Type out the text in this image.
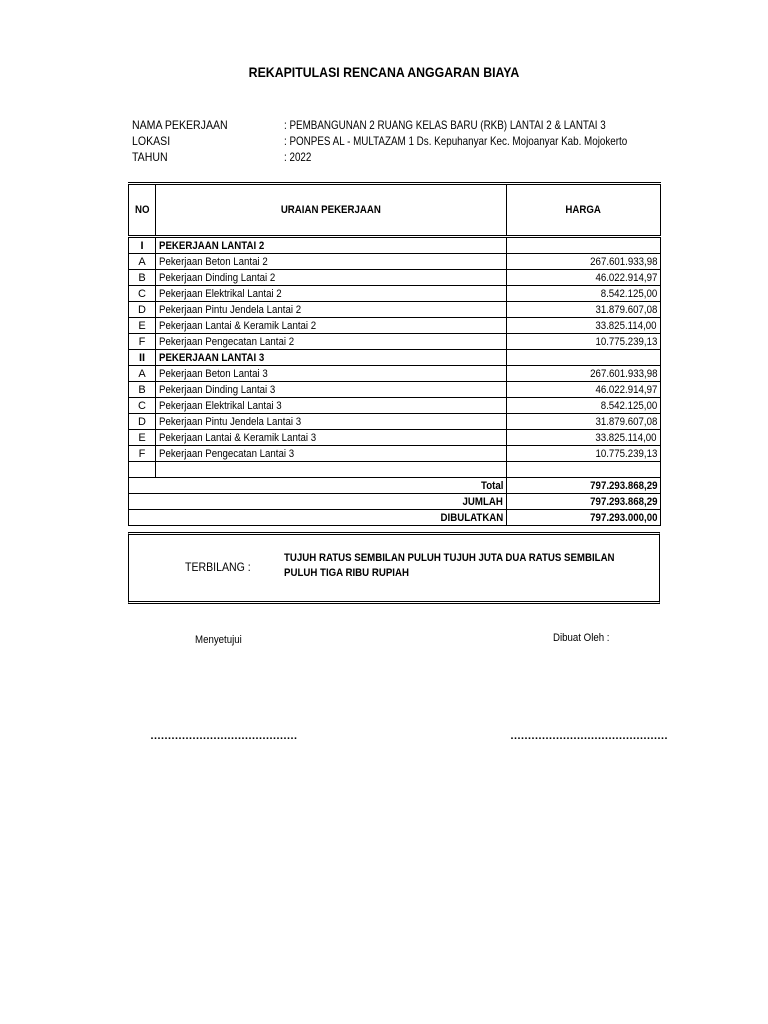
REKAPITULASI RENCANA ANGGARAN BIAYA
NAMA PEKERJAAN	: PEMBANGUNAN 2 RUANG KELAS BARU (RKB) LANTAI 2 & LANTAI 3
LOKASI	: PONPES AL - MULTAZAM 1 Ds. Kepuhanyar Kec. Mojoanyar Kab. Mojokerto
TAHUN	: 2022
NO	URAIAN PEKERJAAN	HARGA
I	PEKERJAAN LANTAI 2	
A	Pekerjaan Beton Lantai 2	267.601.933,98
B	Pekerjaan Dinding Lantai 2	46.022.914,97
C	Pekerjaan Elektrikal Lantai 2	8.542.125,00
D	Pekerjaan Pintu Jendela Lantai 2	31.879.607,08
E	Pekerjaan Lantai & Keramik Lantai 2	33.825.114,00
F	Pekerjaan Pengecatan Lantai 2	10.775.239,13
II	PEKERJAAN LANTAI 3	
A	Pekerjaan Beton Lantai 3	267.601.933,98
B	Pekerjaan Dinding Lantai 3	46.022.914,97
C	Pekerjaan Elektrikal Lantai 3	8.542.125,00
D	Pekerjaan Pintu Jendela Lantai 3	31.879.607,08
E	Pekerjaan Lantai & Keramik Lantai 3	33.825.114,00
F	Pekerjaan Pengecatan Lantai 3	10.775.239,13

Total		797.293.868,29
JUMLAH		797.293.868,29
DIBULATKAN		797.293.000,00
TERBILANG :
TUJUH RATUS SEMBILAN PULUH TUJUH JUTA DUA RATUS SEMBILAN PULUH TIGA RIBU RUPIAH
Menyetujui	Dibuat Oleh :
……………………………………	………………………………………
